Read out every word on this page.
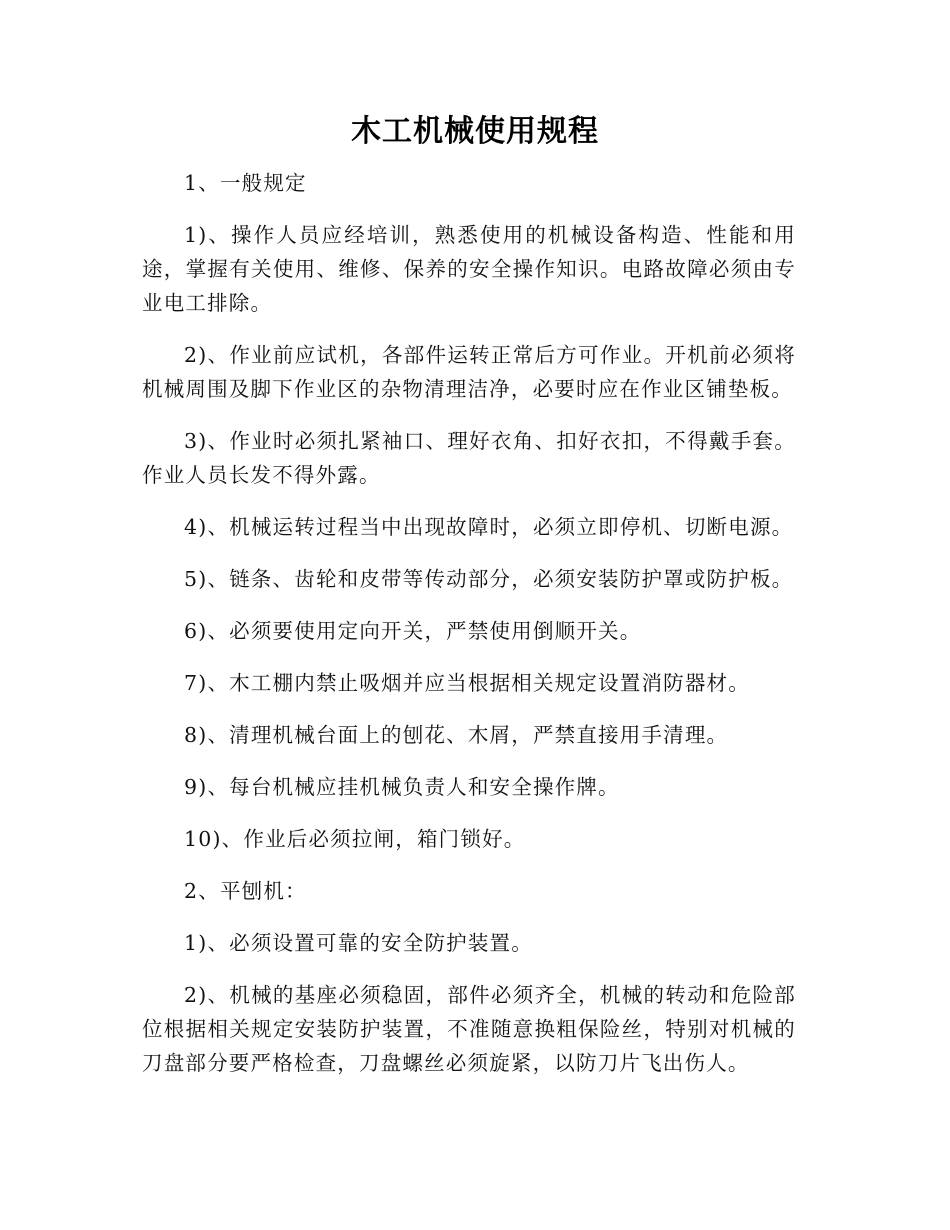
木工机械使用规程

1、一般规定

1)、操作人员应经培训，熟悉使用的机械设备构造、性能和用途，掌握有关使用、维修、保养的安全操作知识。电路故障必须由专业电工排除。

2)、作业前应试机，各部件运转正常后方可作业。开机前必须将机械周围及脚下作业区的杂物清理洁净，必要时应在作业区铺垫板。

3)、作业时必须扎紧袖口、理好衣角、扣好衣扣，不得戴手套。作业人员长发不得外露。

4)、机械运转过程当中出现故障时，必须立即停机、切断电源。

5)、链条、齿轮和皮带等传动部分，必须安装防护罩或防护板。

6)、必须要使用定向开关，严禁使用倒顺开关。

7)、木工棚内禁止吸烟并应当根据相关规定设置消防器材。

8)、清理机械台面上的刨花、木屑，严禁直接用手清理。

9)、每台机械应挂机械负责人和安全操作牌。

10)、作业后必须拉闸，箱门锁好。

2、平刨机：

1)、必须设置可靠的安全防护装置。

2)、机械的基座必须稳固，部件必须齐全，机械的转动和危险部位根据相关规定安装防护装置，不准随意换粗保险丝，特别对机械的刀盘部分要严格检查，刀盘螺丝必须旋紧，以防刀片飞出伤人。
